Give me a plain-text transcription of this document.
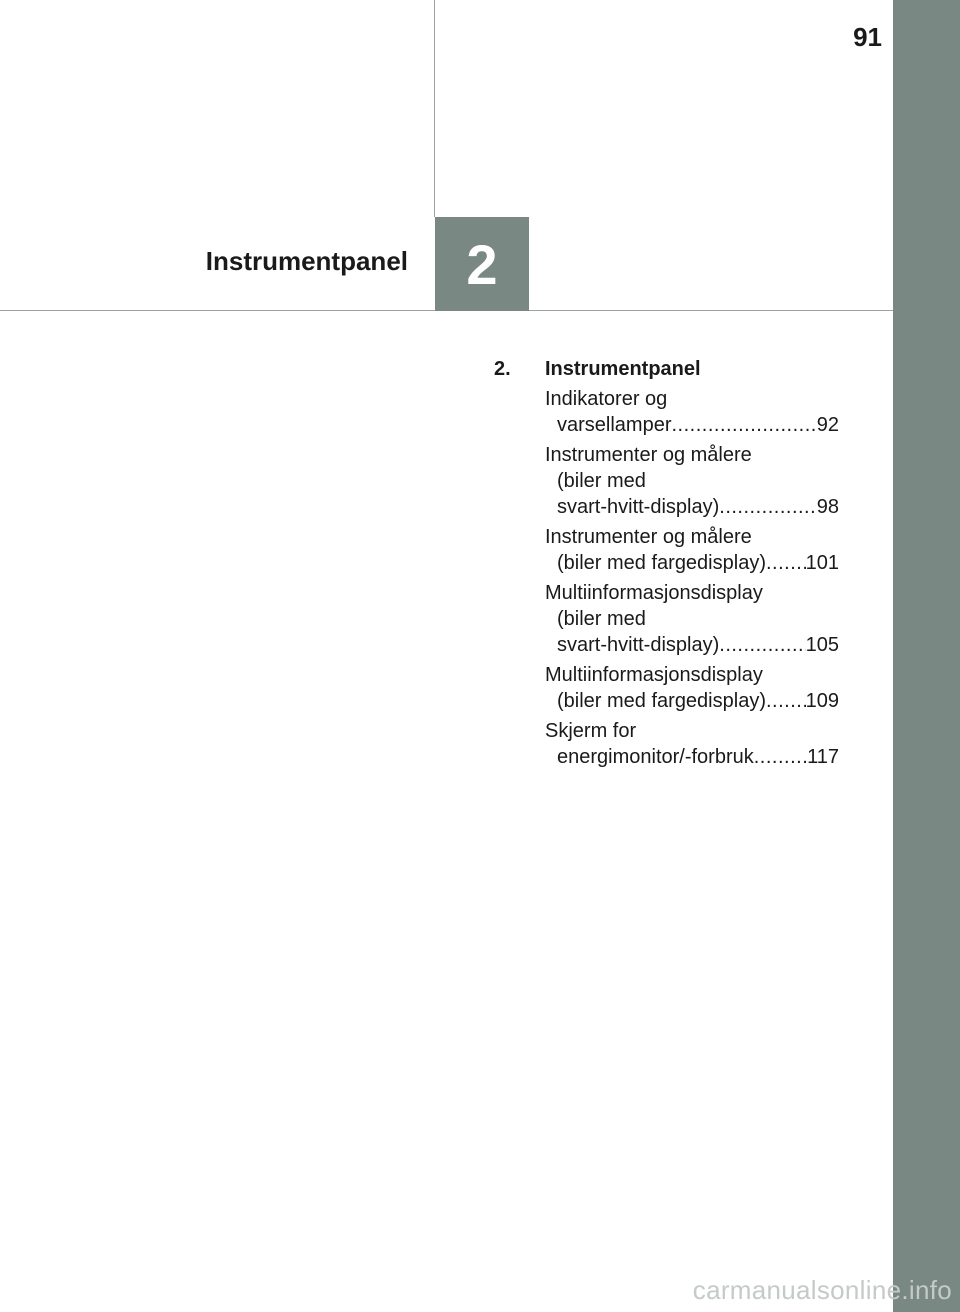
91
Instrumentpanel 2
2.	Instrumentpanel
Indikatorer og
varsellamper .....	92
Instrumenter og målere
(biler med
svart-hvitt-display) .....	98
Instrumenter og målere
(biler med fargedisplay) ..... 101
Multiinformasjonsdisplay
(biler med
svart-hvitt-display) .....	105
Multiinformasjonsdisplay
(biler med fargedisplay) ..... 109
Skjerm for
energimonitor/-forbruk .....	117
carmanualsonline.info
